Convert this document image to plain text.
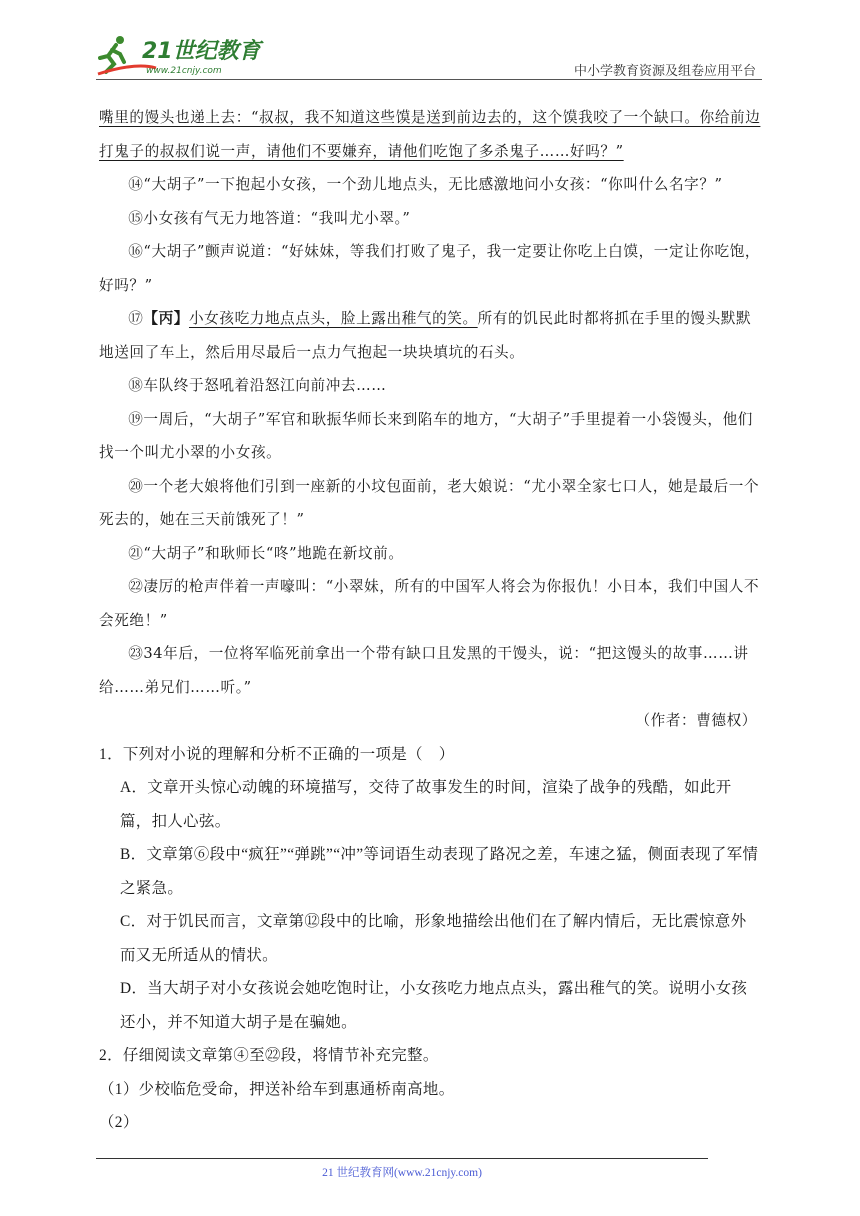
21世纪教育
www.21cnjy.com	中小学教育资源及组卷应用平台

嘴里的馒头也递上去：“叔叔，我不知道这些馍是送到前边去的，这个馍我咬了一个缺口。你给前边

打鬼子的叔叔们说一声，请他们不要嫌弃，请他们吃饱了多杀鬼子……好吗？”

⑭“大胡子”一下抱起小女孩，一个劲儿地点头，无比感激地问小女孩：“你叫什么名字？”

⑮小女孩有气无力地答道：“我叫尤小翠。”

⑯“大胡子”颤声说道：“好妹妹，等我们打败了鬼子，我一定要让你吃上白馍，一定让你吃饱，好吗？”

⑰【丙】小女孩吃力地点点头，脸上露出稚气的笑。所有的饥民此时都将抓在手里的馒头默默地送回了车上，然后用尽最后一点力气抱起一块块填坑的石头。

⑱车队终于怒吼着沿怒江向前冲去……

⑲一周后，“大胡子”军官和耿振华师长来到陷车的地方，“大胡子”手里提着一小袋馒头，他们找一个叫尤小翠的小女孩。

⑳一个老大娘将他们引到一座新的小坟包面前，老大娘说：“尤小翠全家七口人，她是最后一个死去的，她在三天前饿死了！”

㉑“大胡子”和耿师长“咚”地跪在新坟前。

㉒凄厉的枪声伴着一声嚎叫：“小翠妹，所有的中国军人将会为你报仇！小日本，我们中国人不会死绝！”

㉓34年后，一位将军临死前拿出一个带有缺口且发黑的干馒头，说：“把这馒头的故事……讲给……弟兄们……听。”

（作者：曹德权）

1．下列对小说的理解和分析不正确的一项是（　）

A．文章开头惊心动魄的环境描写，交待了故事发生的时间，渲染了战争的残酷，如此开篇，扣人心弦。

B．文章第⑥段中“疯狂”“弹跳”“冲”等词语生动表现了路况之差，车速之猛，侧面表现了军情之紧急。

C．对于饥民而言，文章第⑫段中的比喻，形象地描绘出他们在了解内情后，无比震惊意外而又无所适从的情状。

D．当大胡子对小女孩说会她吃饱时让，小女孩吃力地点点头，露出稚气的笑。说明小女孩还小，并不知道大胡子是在骗她。

2．仔细阅读文章第④至㉒段，将情节补充完整。

（1）少校临危受命，押送补给车到惠通桥南高地。

（2）

21 世纪教育网(www.21cnjy.com)
